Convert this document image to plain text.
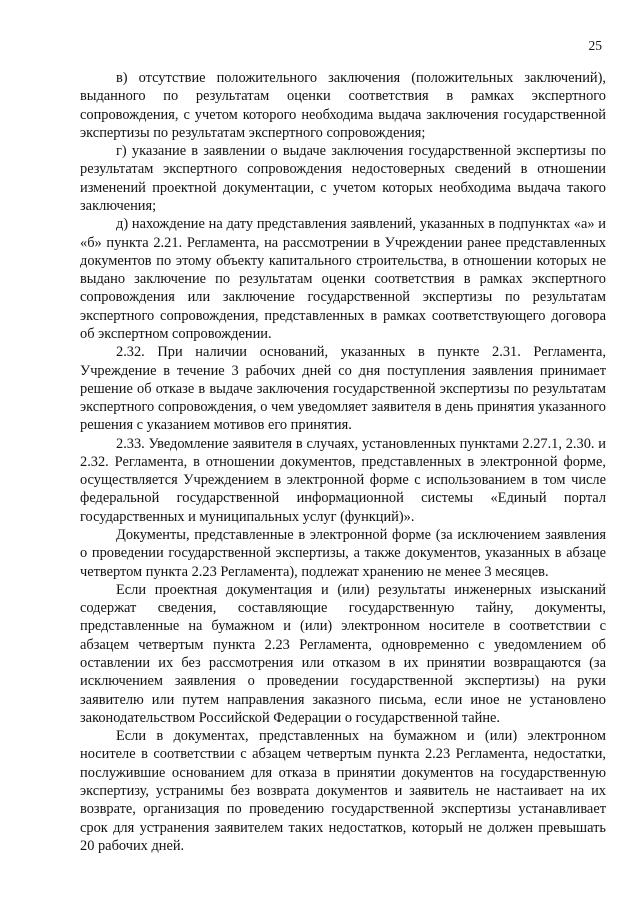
25

в) отсутствие положительного заключения (положительных заключений), выданного по результатам оценки соответствия в рамках экспертного сопровождения, с учетом которого необходима выдача заключения государственной экспертизы по результатам экспертного сопровождения;

г) указание в заявлении о выдаче заключения государственной экспертизы по результатам экспертного сопровождения недостоверных сведений в отношении изменений проектной документации, с учетом которых необходима выдача такого заключения;

д) нахождение на дату представления заявлений, указанных в подпунктах «а» и «б» пункта 2.21. Регламента, на рассмотрении в Учреждении ранее представленных документов по этому объекту капитального строительства, в отношении которых не выдано заключение по результатам оценки соответствия в рамках экспертного сопровождения или заключение государственной экспертизы по результатам экспертного сопровождения, представленных в рамках соответствующего договора об экспертном сопровождении.

2.32. При наличии оснований, указанных в пункте 2.31. Регламента, Учреждение в течение 3 рабочих дней со дня поступления заявления принимает решение об отказе в выдаче заключения государственной экспертизы по результатам экспертного сопровождения, о чем уведомляет заявителя в день принятия указанного решения с указанием мотивов его принятия.

2.33. Уведомление заявителя в случаях, установленных пунктами 2.27.1, 2.30. и 2.32. Регламента, в отношении документов, представленных в электронной форме, осуществляется Учреждением в электронной форме с использованием в том числе федеральной государственной информационной системы «Единый портал государственных и муниципальных услуг (функций)».

Документы, представленные в электронной форме (за исключением заявления о проведении государственной экспертизы, а также документов, указанных в абзаце четвертом пункта 2.23 Регламента), подлежат хранению не менее 3 месяцев.

Если проектная документация и (или) результаты инженерных изысканий содержат сведения, составляющие государственную тайну, документы, представленные на бумажном и (или) электронном носителе в соответствии с абзацем четвертым пункта 2.23 Регламента, одновременно с уведомлением об оставлении их без рассмотрения или отказом в их принятии возвращаются (за исключением заявления о проведении государственной экспертизы) на руки заявителю или путем направления заказного письма, если иное не установлено законодательством Российской Федерации о государственной тайне.

Если в документах, представленных на бумажном и (или) электронном носителе в соответствии с абзацем четвертым пункта 2.23 Регламента, недостатки, послужившие основанием для отказа в принятии документов на государственную экспертизу, устранимы без возврата документов и заявитель не настаивает на их возврате, организация по проведению государственной экспертизы устанавливает срок для устранения заявителем таких недостатков, который не должен превышать 20 рабочих дней.
